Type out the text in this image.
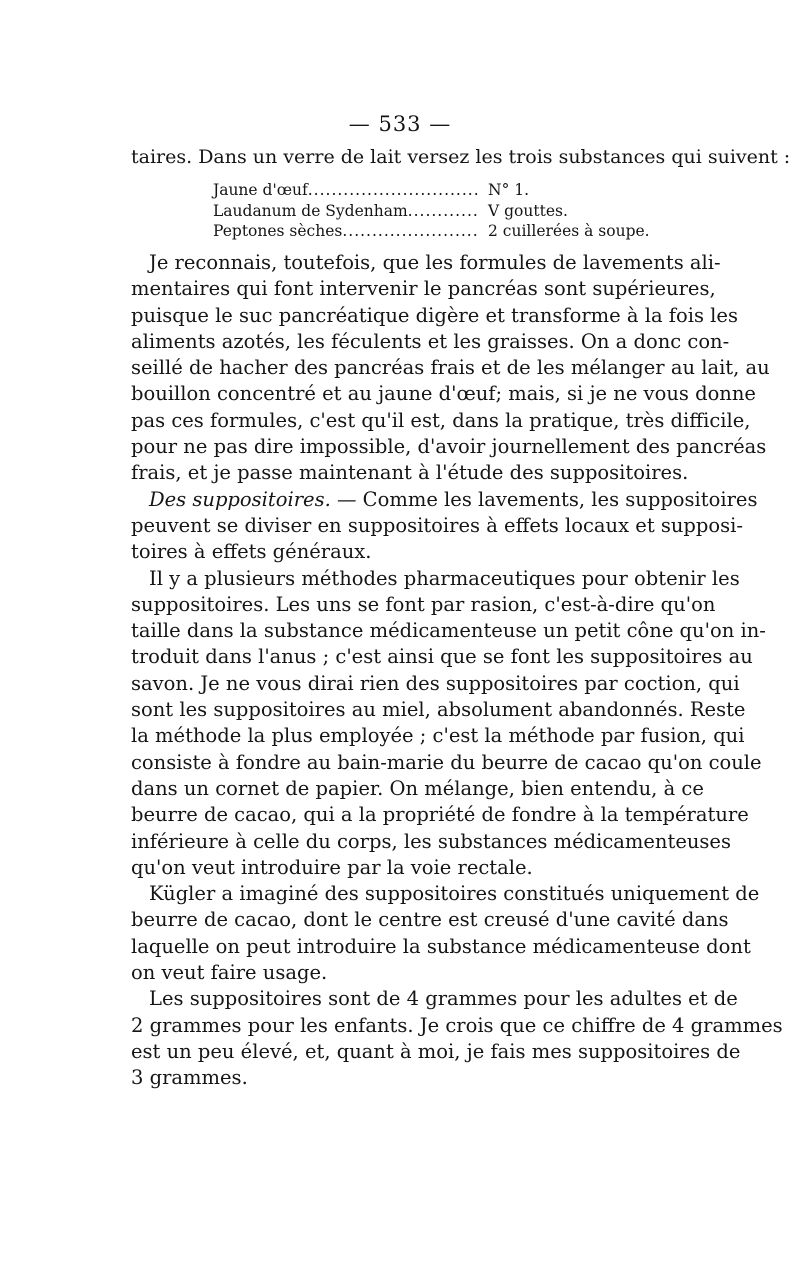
— 533 —
taires. Dans un verre de lait versez les trois substances qui suivent :
Jaune d'œuf .....	N° 1.
Laudanum de Sydenham .....	V gouttes.
Peptones sèches .....	2 cuillerées à soupe.
Je reconnais, toutefois, que les formules de lavements ali-
mentaires qui font intervenir le pancréas sont supérieures,
puisque le suc pancréatique digère et transforme à la fois les
aliments azotés, les féculents et les graisses. On a donc con-
seillé de hacher des pancréas frais et de les mélanger au lait, au
bouillon concentré et au jaune d'œuf; mais, si je ne vous donne
pas ces formules, c'est qu'il est, dans la pratique, très difficile,
pour ne pas dire impossible, d'avoir journellement des pancréas
frais, et je passe maintenant à l'étude des suppositoires.
Des suppositoires. — Comme les lavements, les suppositoires
peuvent se diviser en suppositoires à effets locaux et supposi-
toires à effets généraux.
Il y a plusieurs méthodes pharmaceutiques pour obtenir les
suppositoires. Les uns se font par rasion, c'est-à-dire qu'on
taille dans la substance médicamenteuse un petit cône qu'on in-
troduit dans l'anus ; c'est ainsi que se font les suppositoires au
savon. Je ne vous dirai rien des suppositoires par coction, qui
sont les suppositoires au miel, absolument abandonnés. Reste
la méthode la plus employée ; c'est la méthode par fusion, qui
consiste à fondre au bain-marie du beurre de cacao qu'on coule
dans un cornet de papier. On mélange, bien entendu, à ce
beurre de cacao, qui a la propriété de fondre à la température
inférieure à celle du corps, les substances médicamenteuses
qu'on veut introduire par la voie rectale.
Kügler a imaginé des suppositoires constitués uniquement de
beurre de cacao, dont le centre est creusé d'une cavité dans
laquelle on peut introduire la substance médicamenteuse dont
on veut faire usage.
Les suppositoires sont de 4 grammes pour les adultes et de
2 grammes pour les enfants. Je crois que ce chiffre de 4 grammes
est un peu élevé, et, quant à moi, je fais mes suppositoires de
3 grammes.
